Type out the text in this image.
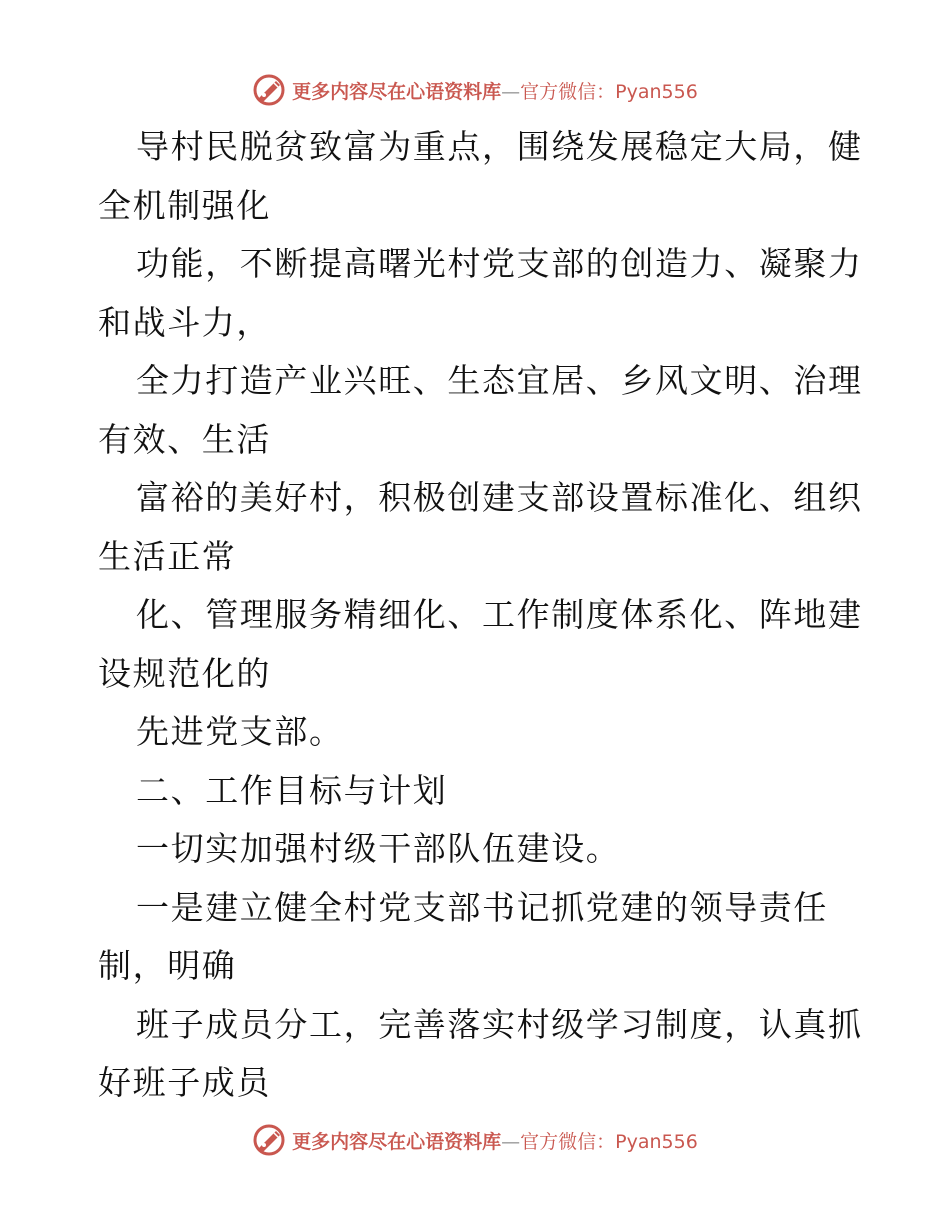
更多内容尽在心语资料库—官方微信：Pyan556
导村民脱贫致富为重点，围绕发展稳定大局，健
全机制强化
功能，不断提高曙光村党支部的创造力、凝聚力
和战斗力，
全力打造产业兴旺、生态宜居、乡风文明、治理
有效、生活
富裕的美好村，积极创建支部设置标准化、组织
生活正常
化、管理服务精细化、工作制度体系化、阵地建
设规范化的
先进党支部。
二、工作目标与计划
一切实加强村级干部队伍建设。
一是建立健全村党支部书记抓党建的领导责任
制，明确
班子成员分工，完善落实村级学习制度，认真抓
好班子成员
更多内容尽在心语资料库—官方微信：Pyan556
